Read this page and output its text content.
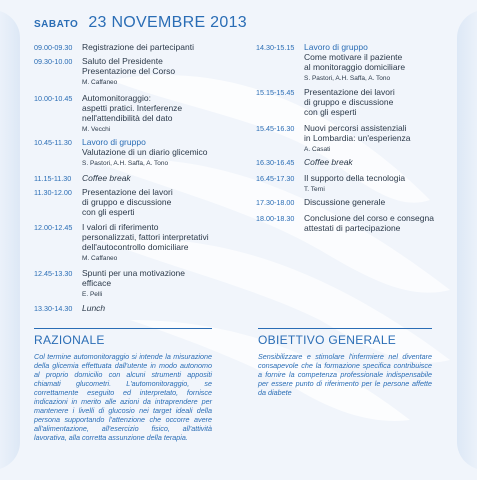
SABATO 23 NOVEMBRE 2013
09.00-09.30	Registrazione dei partecipanti
09.30-10.00	Saluto del Presidente
Presentazione del Corso
M. Caffaneo
10.00-10.45	Automonitoraggio:
aspetti pratici. Interferenze
nell'attendibilità del dato
M. Vecchi
10.45-11.30	Lavoro di gruppo
Valutazione di un diario glicemico
S. Pastori, A.H. Saffa, A. Tono
11.15-11.30	Coffee break
11.30-12.00	Presentazione dei lavori
di gruppo e discussione
con gli esperti
12.00-12.45	I valori di riferimento
personalizzati, fattori interpretativi
dell'autocontrollo domiciliare
M. Caffaneo
12.45-13.30	Spunti per una motivazione
efficace
E. Pelli
13.30-14.30	Lunch
14.30-15.15	Lavoro di gruppo
Come motivare il paziente
al monitoraggio domiciliare
S. Pastori, A.H. Saffa, A. Tono
15.15-15.45	Presentazione dei lavori
di gruppo e discussione
con gli esperti
15.45-16.30	Nuovi percorsi assistenziali
in Lombardia: un'esperienza
A. Casati
16.30-16.45	Coffee break
16.45-17.30	Il supporto della tecnologia
T. Terni
17.30-18.00	Discussione generale
18.00-18.30	Conclusione del corso e consegna
attestati di partecipazione
RAZIONALE
Col termine automonitoraggio si intende la misurazione della glicemia effettuata dall'utente in modo autonomo al proprio domicilio con alcuni strumenti appositi chiamati glucometri. L'automonitoraggio, se correttamente eseguito ed interpretato, fornisce indicazioni in merito alle azioni da intraprendere per mantenere i livelli di glucosio nei target ideali della persona supportando l'attenzione che occorre avere all'alimentazione, all'esercizio fisico, all'attività lavorativa, alla corretta assunzione della terapia.
OBIETTIVO GENERALE
Sensibilizzare e stimolare l'infermiere nel diventare consapevole che la formazione specifica contribuisce a fornire la competenza professionale indispensabile per essere punto di riferimento per le persone affette da diabete
